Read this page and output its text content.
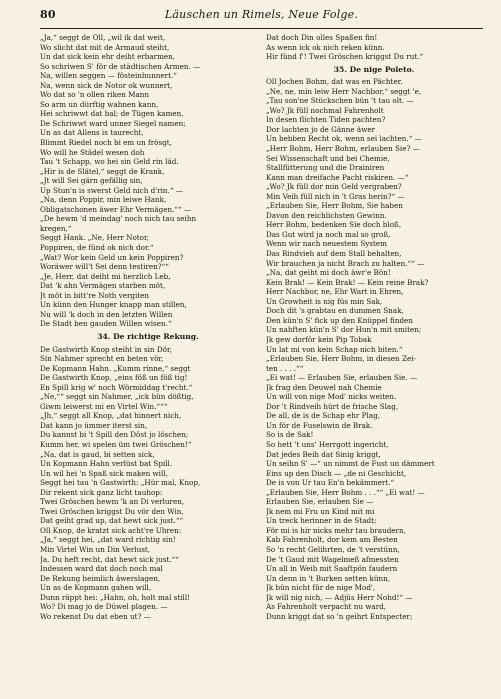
80	Läuschen un Rimels, Neue Folge.
„Ja,“ seggt de Oll, „wil ik dat weit,
Wo slicht dat mit de Armaud steiht,
Un dat sick kein ehr deiht erbarmen,
So schriwen S' för de städtischen Armen. —
Na, willen seggen — fösteinhunnert.“
Na, wenn sick de Notor ok wunnert,
Wo dat so 'n ollen riken Mann
So arm un dürftig wahnen kann,
Hei schriwwt dat bal; de Tügen kamen,
De Schriwwt ward unner Siegel namen;
Un as dat Allens is taurecht,
Blimmt Riedel noch bi em un frösgt,
Wo will he Städel wesen doh
Tau 't Schapp, wo hei sin Geld rin läd.
„Hir is de Slätel,“ seggt de Krank,
„Jt will Sei gärn gefällig sin,
Up Stun'n is swerst Geld nich d'rin.“ —
„Na, denn Poppir, min leiwe Hank,
Obligatschonen äwer Ehr Vermägen.““ —
„De hewm 'd meindag' noch nich tau seihn
kregen,“
Seggt Hank. „Ne, Herr Notor,
Poppiren, de fünd ok nich dor.“
„Wat? Wor kein Geld un kein Poppiren?
Woräwer will't Sei denn testiren?““
„Je, Herr, dat deiht mi herzlich Leb,
Dat 'k ahn Vermägen starben möt,
Jt möt in bitt're Noth vergiten
Un künn den Hunger knapp man stillen,
Nu will 'k doch in den letzten Willen
De Stadt ben gauden Willen wisen.“
34. De richtige Rekung.
De Gastwirth Knop steiht in sin Dör,
Sin Nahmer sprecht en beten vör,
De Kopmann Hahn. „Kumm rinne,“ seggt
De Gastwirth Knop, „eins föß un föß tig!
En Spill krig w' noch Wörmiddag t'recht.“
„Ne,““ seggt sin Nahmer, „ick bün dößtig,
Giwm leiwerst mi en Virtel Win.“““
„Jh,“ seggt all Knop, „dat hinnert nich,
Dat kann jo ümmer iterst sin,
Du kannst bi 't Spill den Döst jo löschen;
Kumm her, wi spelen üm twei Gröschen!“
„Na, dat is gaud, bi setten sick,
Un Kopmann Hahn verlüst bat Spill.
Un wil hei 'n Spaß sick maken will,
Seggt hei tau 'n Gastwirth: „Hür mal, Knop,
Dir rekent sick ganz licht tauhop:
Twei Gröschen hewm 'k an Di verluren,
Twei Gröschen kriggst Du vör den Win,
Dat geiht grad up, dat hewt sick just.““
Oll Knop, de kratzt sick acht're Uhren:
„Ja,“ seggt hei, „dat ward richtig sin!
Min Virtel Win un Din Verlust,
Ja, Du heft recht, dat hewt sick just.““
Indessen ward dat doch noch mal
De Rekung heimlich äwerslagen,
Un as de Kopmann gahen will,
Dunn räppt hei: „Hahn, oh, holt mal still!
Wo? Di mag jo de Düwel plagen. —
Wo rekenst Du dat eben ut? —
Dat doch Din olles Spaßen fin!
As wenn ick ok nich reken künn.
Hir fünd f'! Twei Gröschen kriggst Du rut.“
35. De nige Poleto.
Oll Jochen Bohm, dat was en Pächter.
„Ne, ne, min leiw Herr Nachbor,“ seggt 'e,
„Tau son'ne Stückschen bün 't tau olt. —
„Wo? Jk füll nochmal Fahrenholt
In desen flichten Tiden pachten?
Dor lachten jo de Gänne äwer
Un bebben Recht ok, wenn sei lachten.“ —
„Herr Bohm, Herr Bohm, erlauben Sie? —
Sei Wissenschaft und bei Chemie,
Stallfütterung und die Drainiren
Kann man dreifache Pacht riskiren. —“
„Wo? Jk füll dor min Geld vergraben?
Min Veih füll nich in 't Gras herin?“ —
„Erlauben Sie, Herr Bohm, Sie haben
Davon den reichlichsten Gewinn.
Herr Bohm, bedenken Sie doch bloß,
Das Gut wird ja noch mal so groß,
Wenn wir nach neuestem System
Das Rindvieh auf dem Stall behalten,
Wir brauchen ja nicht Brach zu halten.““ —
„Na, dat geiht mi doch äwr'e Bön!
Kein Brak! — Kein Brak! — Kein reine Brak?
Herr Nachbor, ne, Ehr Wart in Ehren,
Un Growheit is nig füs min Sak,
Doch dit 's grabtau en dummen Snak,
Den kün'n S' fick up den Knüppel finden
Un nahften kün'n S' dor Hun'n mit smiten;
Jk gew dorför kein Pip Tobak
Un lat mi von kein Schap nich biten.“
„Erlauben Sie, Herr Bohm, in diesen Zei-
ten . . . .““
„Ei wat! — Erlauben Sie, erlauben Sie. —
Jk frag den Deuwel nah Chemie
Un will von nige Mod' nicks weiten.
Dor 't Rindveih hürt de frische Slag,
De all, de is de Schap ehr Plag,
Un för de Fuselswin de Brak.
So is de Sak!
So hett 't uns' Herrgott ingericht,
Dat jedes Beih dat Sinig kriggt,
Un seihn S' —“ un nimmt de Fust un dämmert
Eins up den Disch — „de ni Geschicht,
De is von Ur tau En'n bekämmert.“
„Erlauben Sie, Herr Bohm . . .““ „Ei wat! —
Erlauben Sie, erlauben Sie —
Jk nem mi Fru un Kind mit mi
Un treck herinner in de Stadt;
För mi is hir nicks mehr tau braudern,
Kab Fahrenholt, dor kem am Besten
So 'n recht Gelihrten, de 't verstünn,
De 't Gaud mit Wagelmeß afmessten
Un all in Weih mit Saaftpön faudern
Un denn in 't Burken setten künn,
Jk bün nicht für de nige Mod',
Jk will nig nich, — Adjüs Herr Nohd!“ —
As Fahrenholt verpacht nu ward,
Dunn kriggt dat so 'n geihrt Entspecter;
